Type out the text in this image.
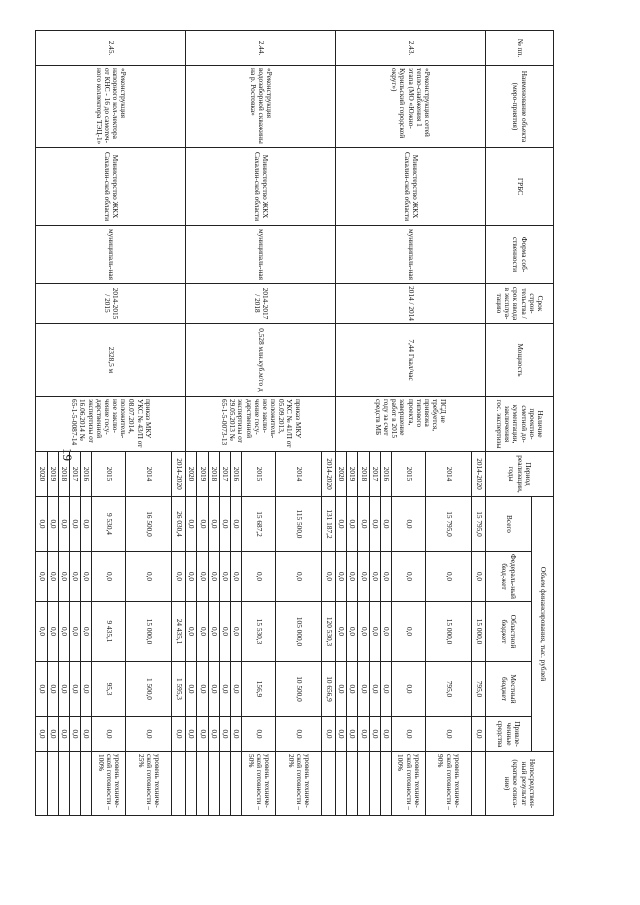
19
№ пп.	Наименование объекта (меро-приятия)	ГРБС	Форма соб-ственности	Срок строи-тельства / срок ввода в эксплуа-тацию	Мощность	Наличие проектно-сметной до-кументации, заключения гос. экспертизы	Период реализации, годы	Объем финансирования, тыс. рублей					Непосредствен-ный результат (краткое описа-ние)
								Всего	Федераль-ный бюд-жет	Областной бюджет	Местный бюджет	Привле-ченные средства	
2.43.	«Реконструкция сетей тепло-снабжения 1 этапа (МО «Южно-Курильский городской округ»)	Министерство ЖКХ Сахалин-ской области	муниципаль-ная	2014 / 2014	7,44 Гкал/час	ПСД не требуется, привязка типового проекта, завершение работ в 2015 году за счет средств МБ	2014-2020	15 795,0	0,0	15 000,0	795,0	0,0	
							2014	15 795,0	0,0	15 000,0	795,0	0,0	уровень техниче-ской готовности – 90%
							2015	0,0	0,0	0,0	0,0	0,0	уровень техниче-ской готовности – 100%
							2016	0,0	0,0	0,0	0,0	0,0	
							2017	0,0	0,0	0,0	0,0	0,0	
							2018	0,0	0,0	0,0	0,0	0,0	
							2019	0,0	0,0	0,0	0,0	0,0	
							2020	0,0	0,0	0,0	0,0	0,0	
2.44.	«Реконструкция водозаборной скважины на р. Ростовка»	Министерство ЖКХ Сахалин-ской области	муниципаль-ная	2014-2017 / 2018	0,528 млн.куб.м/го д	приказ МКУ УКС № 41/П от 05.09.2013, положитель-ное заклю-чение госу-дарственной экспертизы от 29.05.2013 № 65-1-5-0073-13	2014-2020	131 187,2	0,0	120 530,3	10 656,9	0,0	
							2014	115 500,0	0,0	105 000,0	10 500,0	0,0	уровень техниче-ской готовности – 20%
							2015	15 687,2	0,0	15 530,3	156,9	0,0	уровень техниче-ской готовности – 50%
							2016	0,0	0,0	0,0	0,0	0,0	
							2017	0,0	0,0	0,0	0,0	0,0	
							2018	0,0	0,0	0,0	0,0	0,0	
							2019	0,0	0,0	0,0	0,0	0,0	
							2020	0,0	0,0	0,0	0,0	0,0	
2.45.	«Реконструкция напорного кол-лектора от КНС - 16 до самотеч-ного коллектора ТЭЦ-1»	Министерство ЖКХ Сахалин-ской области	муниципаль-ная	2014-2015 / 2015	2328,5 м	приказ МКУ УКС № 43/П от 08.07.2014, положитель-ное заклю-чение госу-дарственной экспертизы от 16.06.2014 № 65-1-5-0087-14	2014-2020	26 030,4	0,0	24 435,1	1 595,3	0,0	
							2014	16 500,0	0,0	15 000,0	1 500,0	0,0	уровень техниче-ской готовности – 25%
							2015	9 530,4	0,0	9 435,1	95,3	0,0	уровень техниче-ской готовности – 100%
							2016	0,0	0,0	0,0	0,0	0,0	
							2017	0,0	0,0	0,0	0,0	0,0	
							2018	0,0	0,0	0,0	0,0	0,0	
							2019	0,0	0,0	0,0	0,0	0,0	
							2020	0,0	0,0	0,0	0,0	0,0	
